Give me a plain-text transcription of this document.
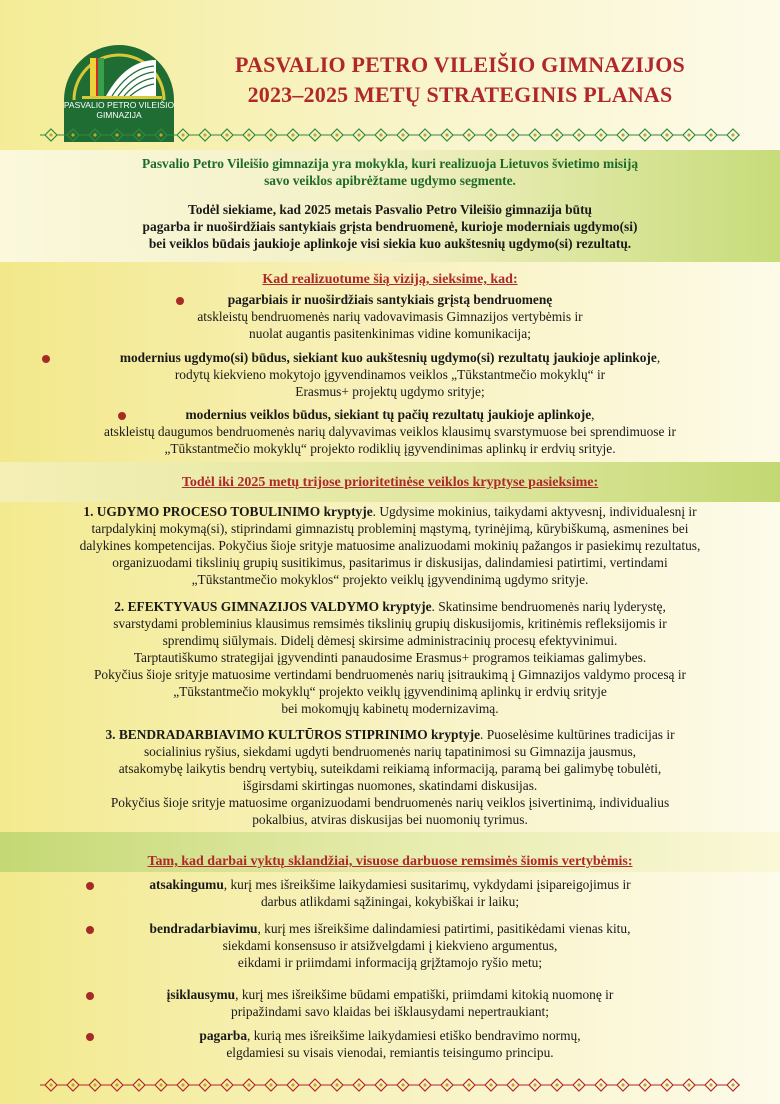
PASVALIO PETRO VILEIŠIO
GIMNAZIJA
PASVALIO PETRO VILEIŠIO GIMNAZIJOS
2023–2025 METŲ STRATEGINIS PLANAS

Pasvalio Petro Vileišio gimnazija yra mokykla, kuri realizuoja Lietuvos švietimo misiją

savo veiklos apibrėžtame ugdymo segmente.

Todėl siekiame, kad 2025 metais Pasvalio Petro Vileišio gimnazija būtų

pagarba ir nuoširdžiais santykiais grįsta bendruomenė, kurioje moderniais ugdymo(si)

bei veiklos būdais jaukioje aplinkoje visi siekia kuo aukštesnių ugdymo(si) rezultatų.

Kad realizuotume šią viziją, sieksime, kad:

pagarbiais ir nuoširdžiais santykiais grįstą bendruomenę

atskleistų bendruomenės narių vadovavimasis Gimnazijos vertybėmis ir

nuolat augantis pasitenkinimas vidine komunikacija;

modernius ugdymo(si) būdus, siekiant kuo aukštesnių ugdymo(si) rezultatų jaukioje aplinkoje,

rodytų kiekvieno mokytojo įgyvendinamos veiklos „Tūkstantmečio mokyklų“ ir

Erasmus+ projektų ugdymo srityje;

modernius veiklos būdus, siekiant tų pačių rezultatų jaukioje aplinkoje,

atskleistų daugumos bendruomenės narių dalyvavimas veiklos klausimų svarstymuose bei sprendimuose ir

„Tūkstantmečio mokyklų“ projekto rodiklių įgyvendinimas aplinkų ir erdvių srityje.

Todėl iki 2025 metų trijose prioritetinėse veiklos kryptyse pasieksime:

1. UGDYMO PROCESO TOBULINIMO kryptyje. Ugdysime mokinius, taikydami aktyvesnį, individualesnį ir

tarpdalykinį mokymą(si), stiprindami gimnazistų probleminį mąstymą, tyrinėjimą, kūrybiškumą, asmenines bei

dalykines kompetencijas. Pokyčius šioje srityje matuosime analizuodami mokinių pažangos ir pasiekimų rezultatus,

organizuodami tikslinių grupių susitikimus, pasitarimus ir diskusijas, dalindamiesi patirtimi, vertindami

„Tūkstantmečio mokyklos“ projekto veiklų įgyvendinimą ugdymo srityje.

2. EFEKTYVAUS GIMNAZIJOS VALDYMO kryptyje. Skatinsime bendruomenės narių lyderystę,

svarstydami probleminius klausimus remsimės tikslinių grupių diskusijomis, kritinėmis refleksijomis ir

sprendimų siūlymais. Didelį dėmesį skirsime administracinių procesų efektyvinimui.

Tarptautiškumo strategijai įgyvendinti panaudosime Erasmus+ programos teikiamas galimybes.

Pokyčius šioje srityje matuosime vertindami bendruomenės narių įsitraukimą į Gimnazijos valdymo procesą ir

„Tūkstantmečio mokyklų“ projekto veiklų įgyvendinimą aplinkų ir erdvių srityje

bei mokomųjų kabinetų modernizavimą.

3. BENDRADARBIAVIMO KULTŪROS STIPRINIMO kryptyje. Puoselėsime kultūrines tradicijas ir

socialinius ryšius, siekdami ugdyti bendruomenės narių tapatinimosi su Gimnazija jausmus,

atsakomybę laikytis bendrų vertybių, suteikdami reikiamą informaciją, paramą bei galimybę tobulėti,

išgirsdami skirtingas nuomones, skatindami diskusijas.

Pokyčius šioje srityje matuosime organizuodami bendruomenės narių veiklos įsivertinimą, individualius

pokalbius, atviras diskusijas bei nuomonių tyrimus.

Tam, kad darbai vyktų sklandžiai, visuose darbuose remsimės šiomis vertybėmis:

atsakingumu, kurį mes išreikšime laikydamiesi susitarimų, vykdydami įsipareigojimus ir

darbus atlikdami sąžiningai, kokybiškai ir laiku;

bendradarbiavimu, kurį mes išreikšime dalindamiesi patirtimi, pasitikėdami vienas kitu,

siekdami konsensuso ir atsižvelgdami į kiekvieno argumentus,

eikdami ir priimdami informaciją grįžtamojo ryšio metu;

įsiklausymu, kurį mes išreikšime būdami empatiški, priimdami kitokią nuomonę ir

pripažindami savo klaidas bei išklausydami nepertraukiant;

pagarba, kurią mes išreikšime laikydamiesi etiško bendravimo normų,

elgdamiesi su visais vienodai, remiantis teisingumo principu.
